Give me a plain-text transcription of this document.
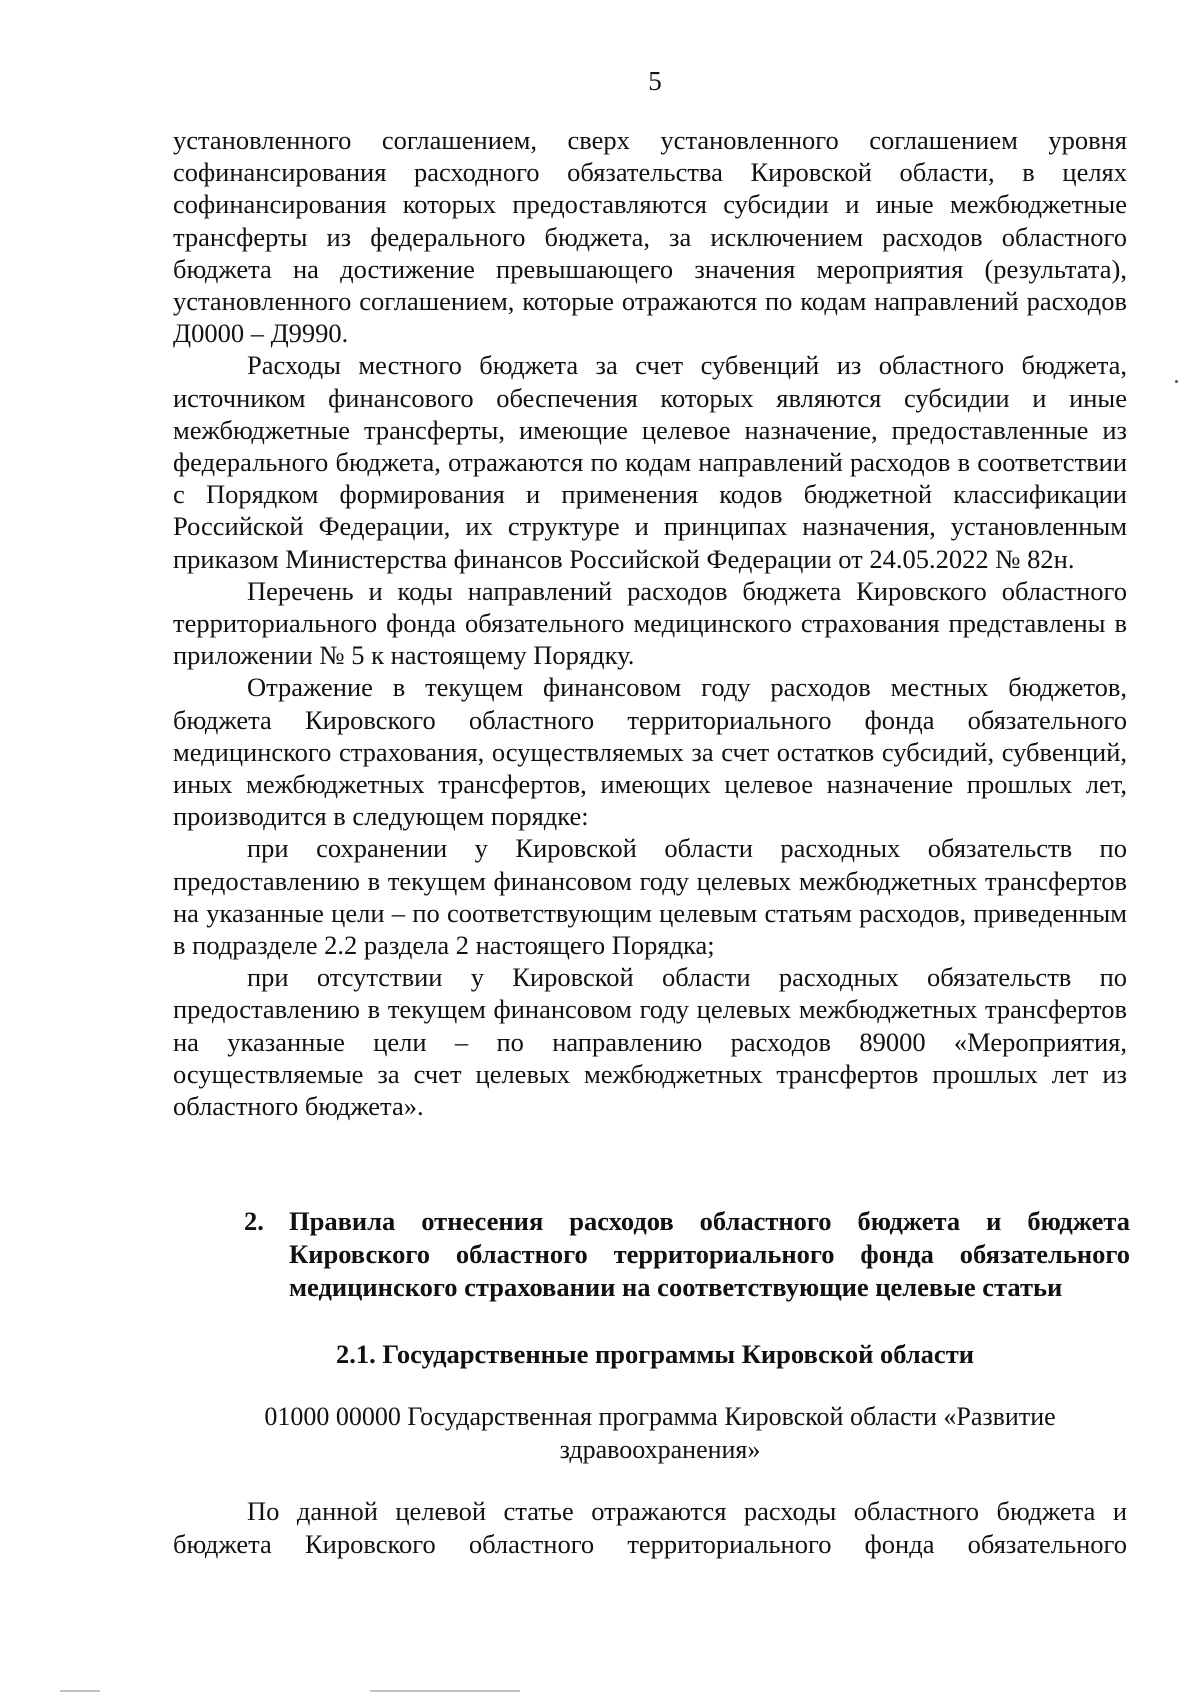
5

установленного соглашением, сверх установленного соглашением уровня софинансирования расходного обязательства Кировской области, в целях софинансирования которых предоставляются субсидии и иные межбюджетные трансферты из федерального бюджета, за исключением расходов областного бюджета на достижение превышающего значения мероприятия (результата), установленного соглашением, которые отражаются по кодам направлений расходов Д0000 – Д9990.

Расходы местного бюджета за счет субвенций из областного бюджета, источником финансового обеспечения которых являются субсидии и иные межбюджетные трансферты, имеющие целевое назначение, предоставленные из федерального бюджета, отражаются по кодам направлений расходов в соответствии с Порядком формирования и применения кодов бюджетной классификации Российской Федерации, их структуре и принципах назначения, установленным приказом Министерства финансов Российской Федерации от 24.05.2022 № 82н.

Перечень и коды направлений расходов бюджета Кировского областного территориального фонда обязательного медицинского страхования представлены в приложении № 5 к настоящему Порядку.

Отражение в текущем финансовом году расходов местных бюджетов, бюджета Кировского областного территориального фонда обязательного медицинского страхования, осуществляемых за счет остатков субсидий, субвенций, иных межбюджетных трансфертов, имеющих целевое назначение прошлых лет, производится в следующем порядке:

при сохранении у Кировской области расходных обязательств по предоставлению в текущем финансовом году целевых межбюджетных трансфертов на указанные цели – по соответствующим целевым статьям расходов, приведенным в подразделе 2.2 раздела 2 настоящего Порядка;

при отсутствии у Кировской области расходных обязательств по предоставлению в текущем финансовом году целевых межбюджетных трансфертов на указанные цели – по направлению расходов 89000 «Мероприятия, осуществляемые за счет целевых межбюджетных трансфертов прошлых лет из областного бюджета».

2. Правила отнесения расходов областного бюджета и бюджета Кировского областного территориального фонда обязательного медицинского страховании на соответствующие целевые статьи
2.1. Государственные программы Кировской области
01000 00000 Государственная программа Кировской области «Развитие
здравоохранения»

По данной целевой статье отражаются расходы областного бюджета и бюджета Кировского областного территориального фонда обязательного
